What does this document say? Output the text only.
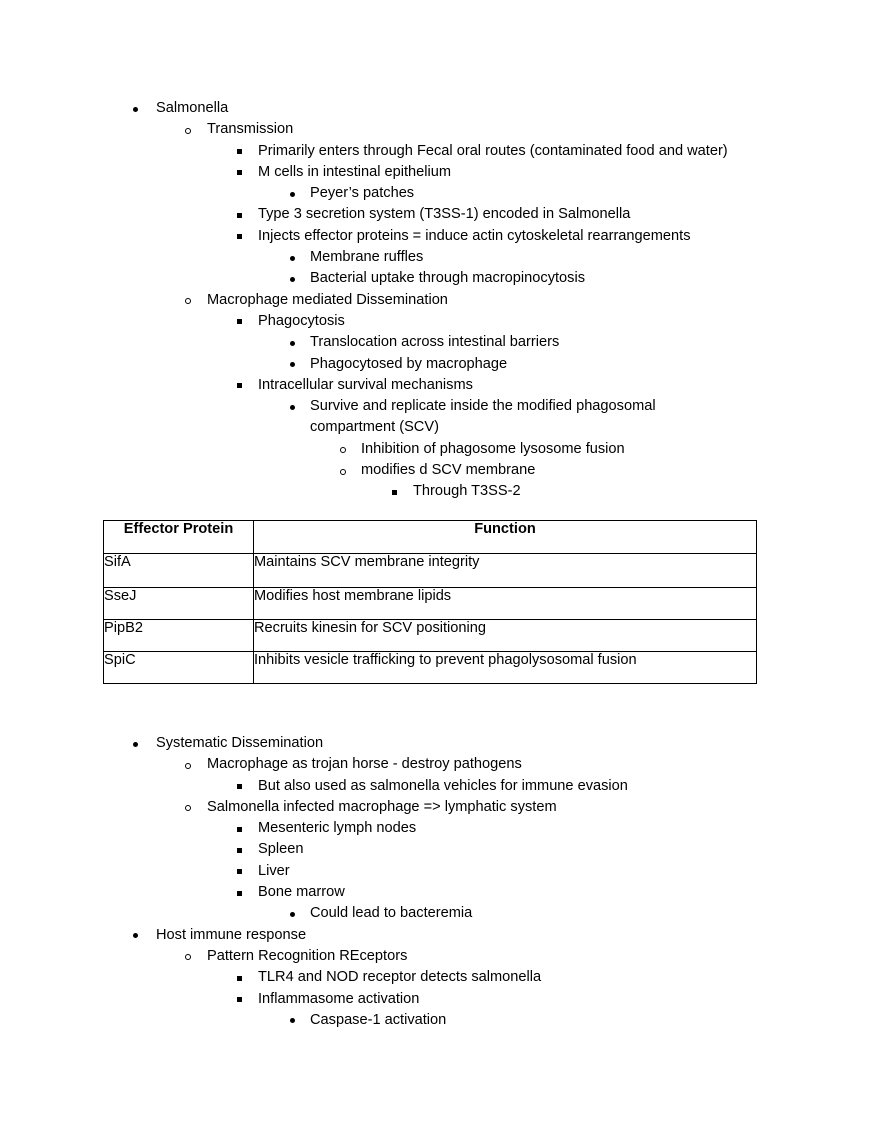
Salmonella
Transmission
Primarily enters through Fecal oral routes (contaminated food and water)
M cells in intestinal epithelium
Peyer’s patches
Type 3 secretion system (T3SS-1) encoded in Salmonella
Injects effector proteins = induce actin cytoskeletal rearrangements
Membrane ruffles
Bacterial uptake through macropinocytosis
Macrophage mediated Dissemination
Phagocytosis
Translocation across intestinal barriers
Phagocytosed by macrophage
Intracellular survival mechanisms
Survive and replicate inside the modified phagosomal compartment (SCV)
Inhibition of phagosome lysosome fusion
modifies d SCV membrane
Through T3SS-2
Effector Protein	Function
SifA	Maintains SCV membrane integrity
SseJ	Modifies host membrane lipids
PipB2	Recruits kinesin for SCV positioning
SpiC	Inhibits vesicle trafficking to prevent phagolysosomal fusion
Systematic Dissemination
Macrophage as trojan horse - destroy pathogens
But also used as salmonella vehicles for immune evasion
Salmonella infected macrophage => lymphatic system
Mesenteric lymph nodes
Spleen
Liver
Bone marrow
Could lead to bacteremia
Host immune response
Pattern Recognition REceptors
TLR4 and NOD receptor detects salmonella
Inflammasome activation
Caspase-1 activation
